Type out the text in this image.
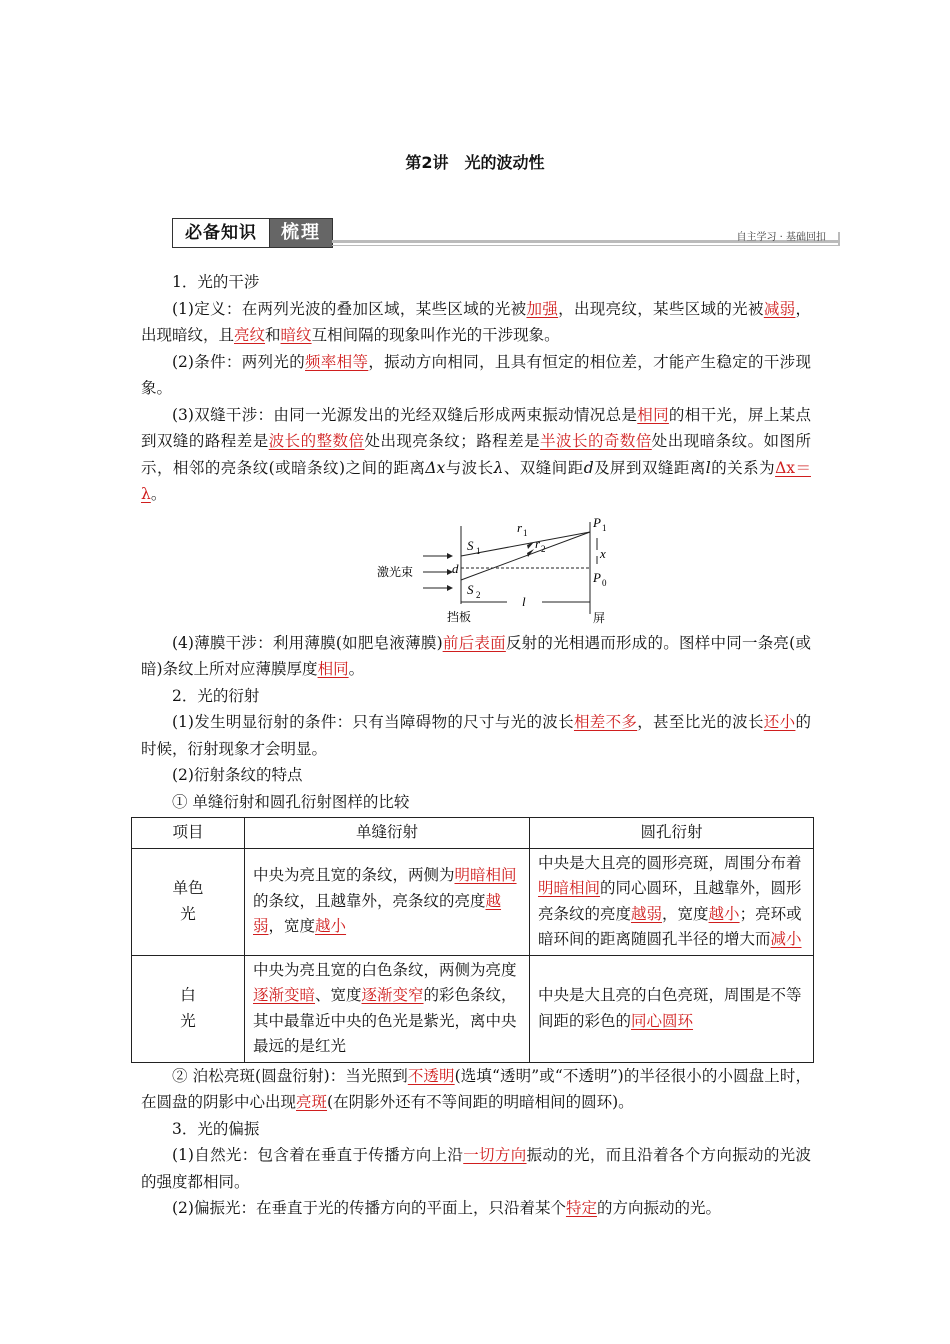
第2讲　光的波动性
必备知识	梳理	自主学习 · 基础回扣

1．光的干涉

(1)定义：在两列光波的叠加区域，某些区域的光被加强，出现亮纹，某些区域的光被减弱，出现暗纹，且亮纹和暗纹互相间隔的现象叫作光的干涉现象。

(2)条件：两列光的频率相等，振动方向相同，且具有恒定的相位差，才能产生稳定的干涉现象。

(3)双缝干涉：由同一光源发出的光经双缝后形成两束振动情况总是相同的相干光，屏上某点到双缝的路程差是波长的整数倍处出现亮条纹；路程差是半波长的奇数倍处出现暗条纹。如图所示，相邻的亮条纹(或暗条纹)之间的距离Δx与波长λ、双缝间距d及屏到双缝距离l的关系为Δx＝λ。

激光束
S 1
S 2
d
r 1
r 2
P 1
P 0
x
l
挡板	屏

(4)薄膜干涉：利用薄膜(如肥皂液薄膜)前后表面反射的光相遇而形成的。图样中同一条亮(或暗)条纹上所对应薄膜厚度相同。

2．光的衍射

(1)发生明显衍射的条件：只有当障碍物的尺寸与光的波长相差不多，甚至比光的波长还小的时候，衍射现象才会明显。

(2)衍射条纹的特点

① 单缝衍射和圆孔衍射图样的比较

项目	单缝衍射	圆孔衍射

单色光	中央为亮且宽的条纹，两侧为明暗相间的条纹，且越靠外，亮条纹的亮度越弱，宽度越小	中央是大且亮的圆形亮斑，周围分布着明暗相间的同心圆环，且越靠外，圆形亮条纹的亮度越弱，宽度越小；亮环或暗环间的距离随圆孔半径的增大而减小

白光	中央为亮且宽的白色条纹，两侧为亮度逐渐变暗、宽度逐渐变窄的彩色条纹，其中最靠近中央的色光是紫光，离中央最远的是红光	中央是大且亮的白色亮斑，周围是不等间距的彩色的同心圆环

② 泊松亮斑(圆盘衍射)：当光照到不透明(选填“透明”或“不透明”)的半径很小的小圆盘上时，在圆盘的阴影中心出现亮斑(在阴影外还有不等间距的明暗相间的圆环)。

3．光的偏振

(1)自然光：包含着在垂直于传播方向上沿一切方向振动的光，而且沿着各个方向振动的光波的强度都相同。

(2)偏振光：在垂直于光的传播方向的平面上，只沿着某个特定的方向振动的光。
